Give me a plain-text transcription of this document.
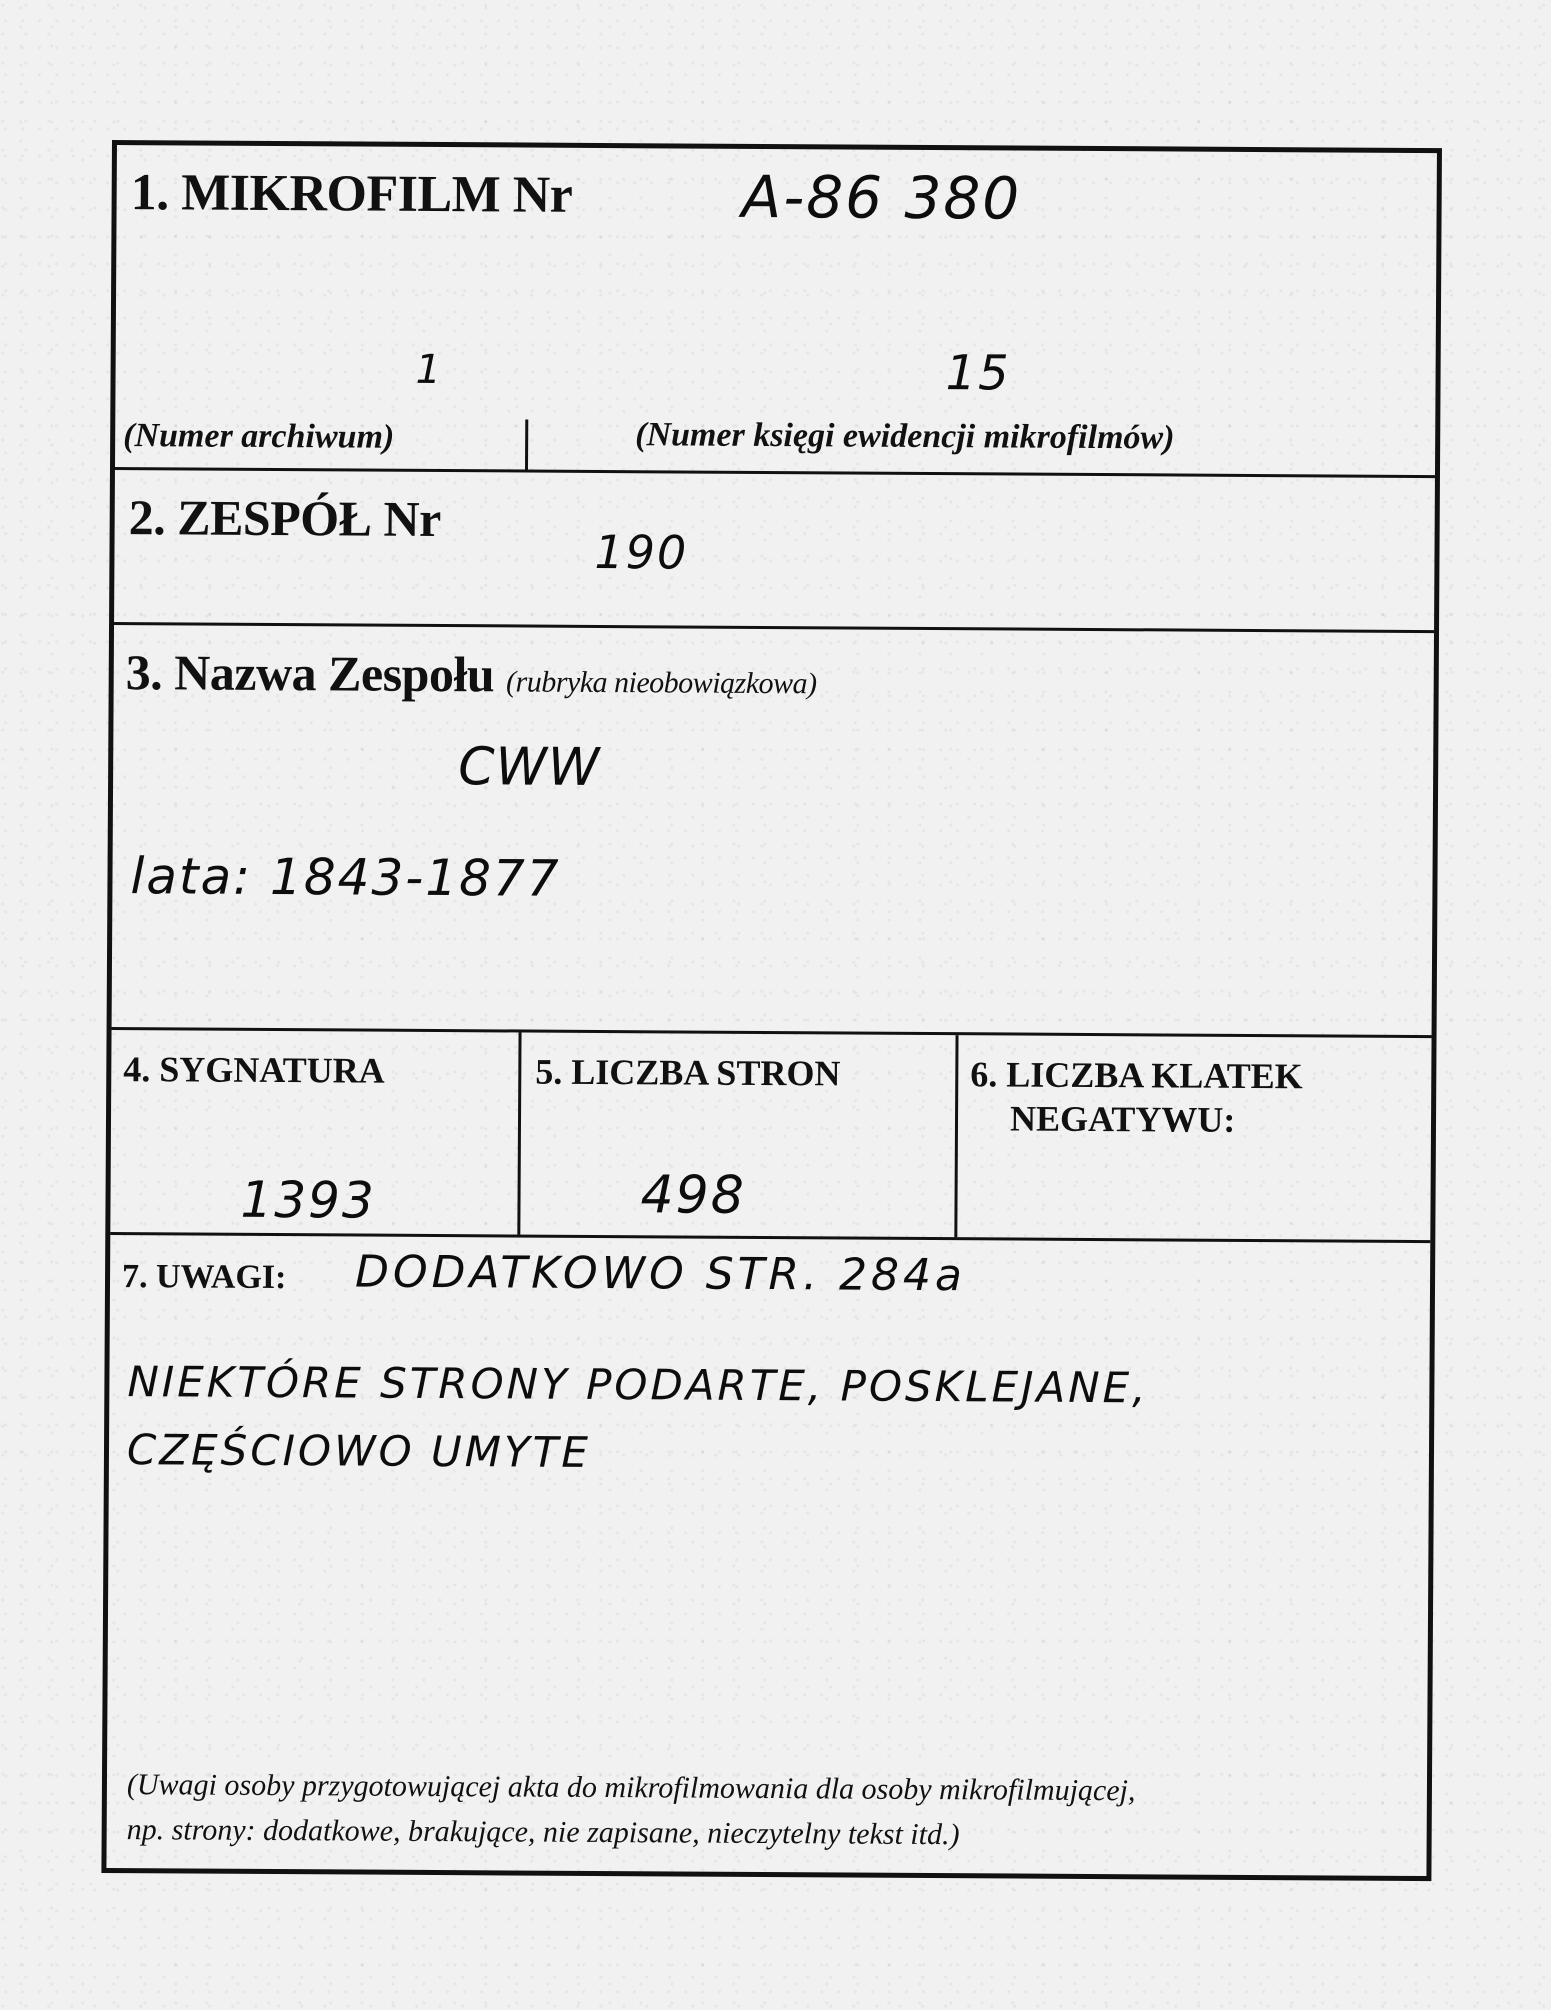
1. MIKROFILM Nr	A-86 380
1	15
(Numer archiwum)	(Numer księgi ewidencji mikrofilmów)
2. ZESPÓŁ Nr
190
3. Nazwa Zespołu (rubryka nieobowiązkowa)
CWW
lata: 1843-1877
4. SYGNATURA
1393
5. LICZBA STRON
498
6. LICZBA KLATEK
NEGATYWU:
7. UWAGI: DODATKOWO STR. 284a
NIEKTÓRE STRONY PODARTE, POSKLEJANE,
CZĘŚCIOWO UMYTE
(Uwagi osoby przygotowującej akta do mikrofilmowania dla osoby mikrofilmującej,
np. strony: dodatkowe, brakujące, nie zapisane, nieczytelny tekst itd.)
